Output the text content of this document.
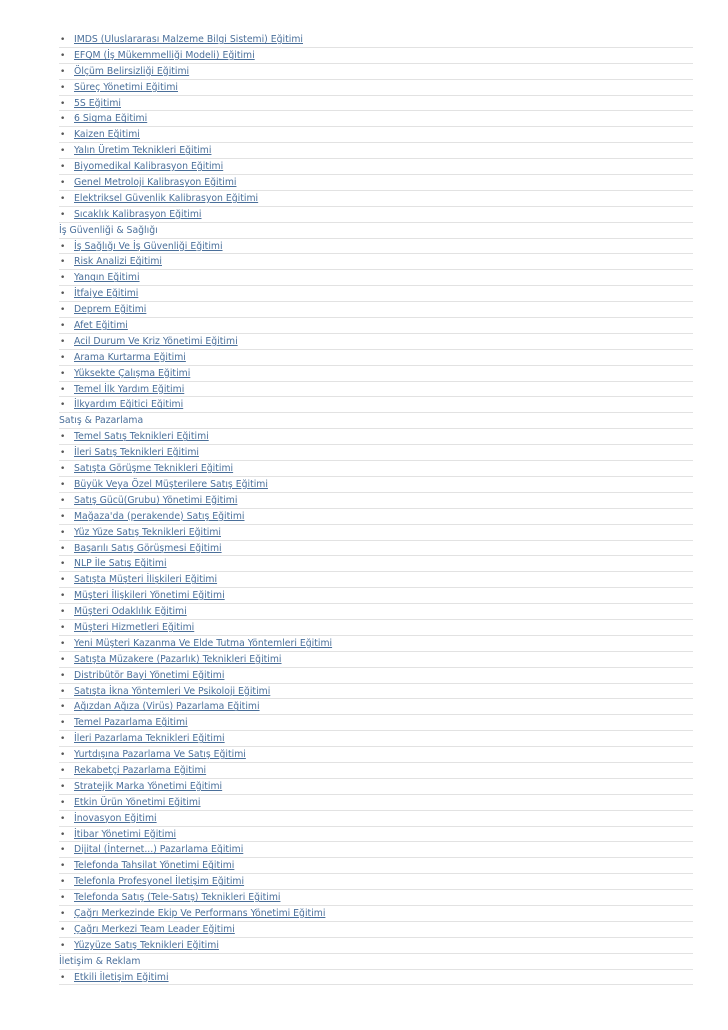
• IMDS (Uluslararası Malzeme Bilgi Sistemi) Eğitimi
• EFQM (İş Mükemmelliği Modeli) Eğitimi
• Ölçüm Belirsizliği Eğitimi
• Süreç Yönetimi Eğitimi
• 5S Eğitimi
• 6 Sigma Eğitimi
• Kaizen Eğitimi
• Yalın Üretim Teknikleri Eğitimi
• Biyomedikal Kalibrasyon Eğitimi
• Genel Metroloji Kalibrasyon Eğitimi
• Elektriksel Güvenlik Kalibrasyon Eğitimi
• Sıcaklık Kalibrasyon Eğitimi
İş Güvenliği & Sağlığı
• İş Sağlığı Ve İş Güvenliği Eğitimi
• Risk Analizi Eğitimi
• Yangın Eğitimi
• İtfaiye Eğitimi
• Deprem Eğitimi
• Afet Eğitimi
• Acil Durum Ve Kriz Yönetimi Eğitimi
• Arama Kurtarma Eğitimi
• Yüksekte Çalışma Eğitimi
• Temel İlk Yardım Eğitimi
• İlkyardım Eğitici Eğitimi
Satış & Pazarlama
• Temel Satış Teknikleri Eğitimi
• İleri Satış Teknikleri Eğitimi
• Satışta Görüşme Teknikleri Eğitimi
• Büyük Veya Özel Müşterilere Satış Eğitimi
• Satış Gücü(Grubu) Yönetimi Eğitimi
• Mağaza'da (perakende) Satış Eğitimi
• Yüz Yüze Satış Teknikleri Eğitimi
• Başarılı Satış Görüşmesi Eğitimi
• NLP İle Satış Eğitimi
• Satışta Müşteri İlişkileri Eğitimi
• Müşteri İlişkileri Yönetimi Eğitimi
• Müşteri Odaklılık Eğitimi
• Müşteri Hizmetleri Eğitimi
• Yeni Müşteri Kazanma Ve Elde Tutma Yöntemleri Eğitimi
• Satışta Müzakere (Pazarlık) Teknikleri Eğitimi
• Distribütör Bayi Yönetimi Eğitimi
• Satışta İkna Yöntemleri Ve Psikoloji Eğitimi
• Ağızdan Ağıza (Virüs) Pazarlama Eğitimi
• Temel Pazarlama Eğitimi
• İleri Pazarlama Teknikleri Eğitimi
• Yurtdışına Pazarlama Ve Satış Eğitimi
• Rekabetçi Pazarlama Eğitimi
• Stratejik Marka Yönetimi Eğitimi
• Etkin Ürün Yönetimi Eğitimi
• İnovasyon Eğitimi
• İtibar Yönetimi Eğitimi
• Dijital (İnternet...) Pazarlama Eğitimi
• Telefonda Tahsilat Yönetimi Eğitimi
• Telefonla Profesyonel İletişim Eğitimi
• Telefonda Satış (Tele-Satış) Teknikleri Eğitimi
• Çağrı Merkezinde Ekip Ve Performans Yönetimi Eğitimi
• Çağrı Merkezi Team Leader Eğitimi
• Yüzyüze Satış Teknikleri Eğitimi
İletişim & Reklam
• Etkili İletişim Eğitimi
